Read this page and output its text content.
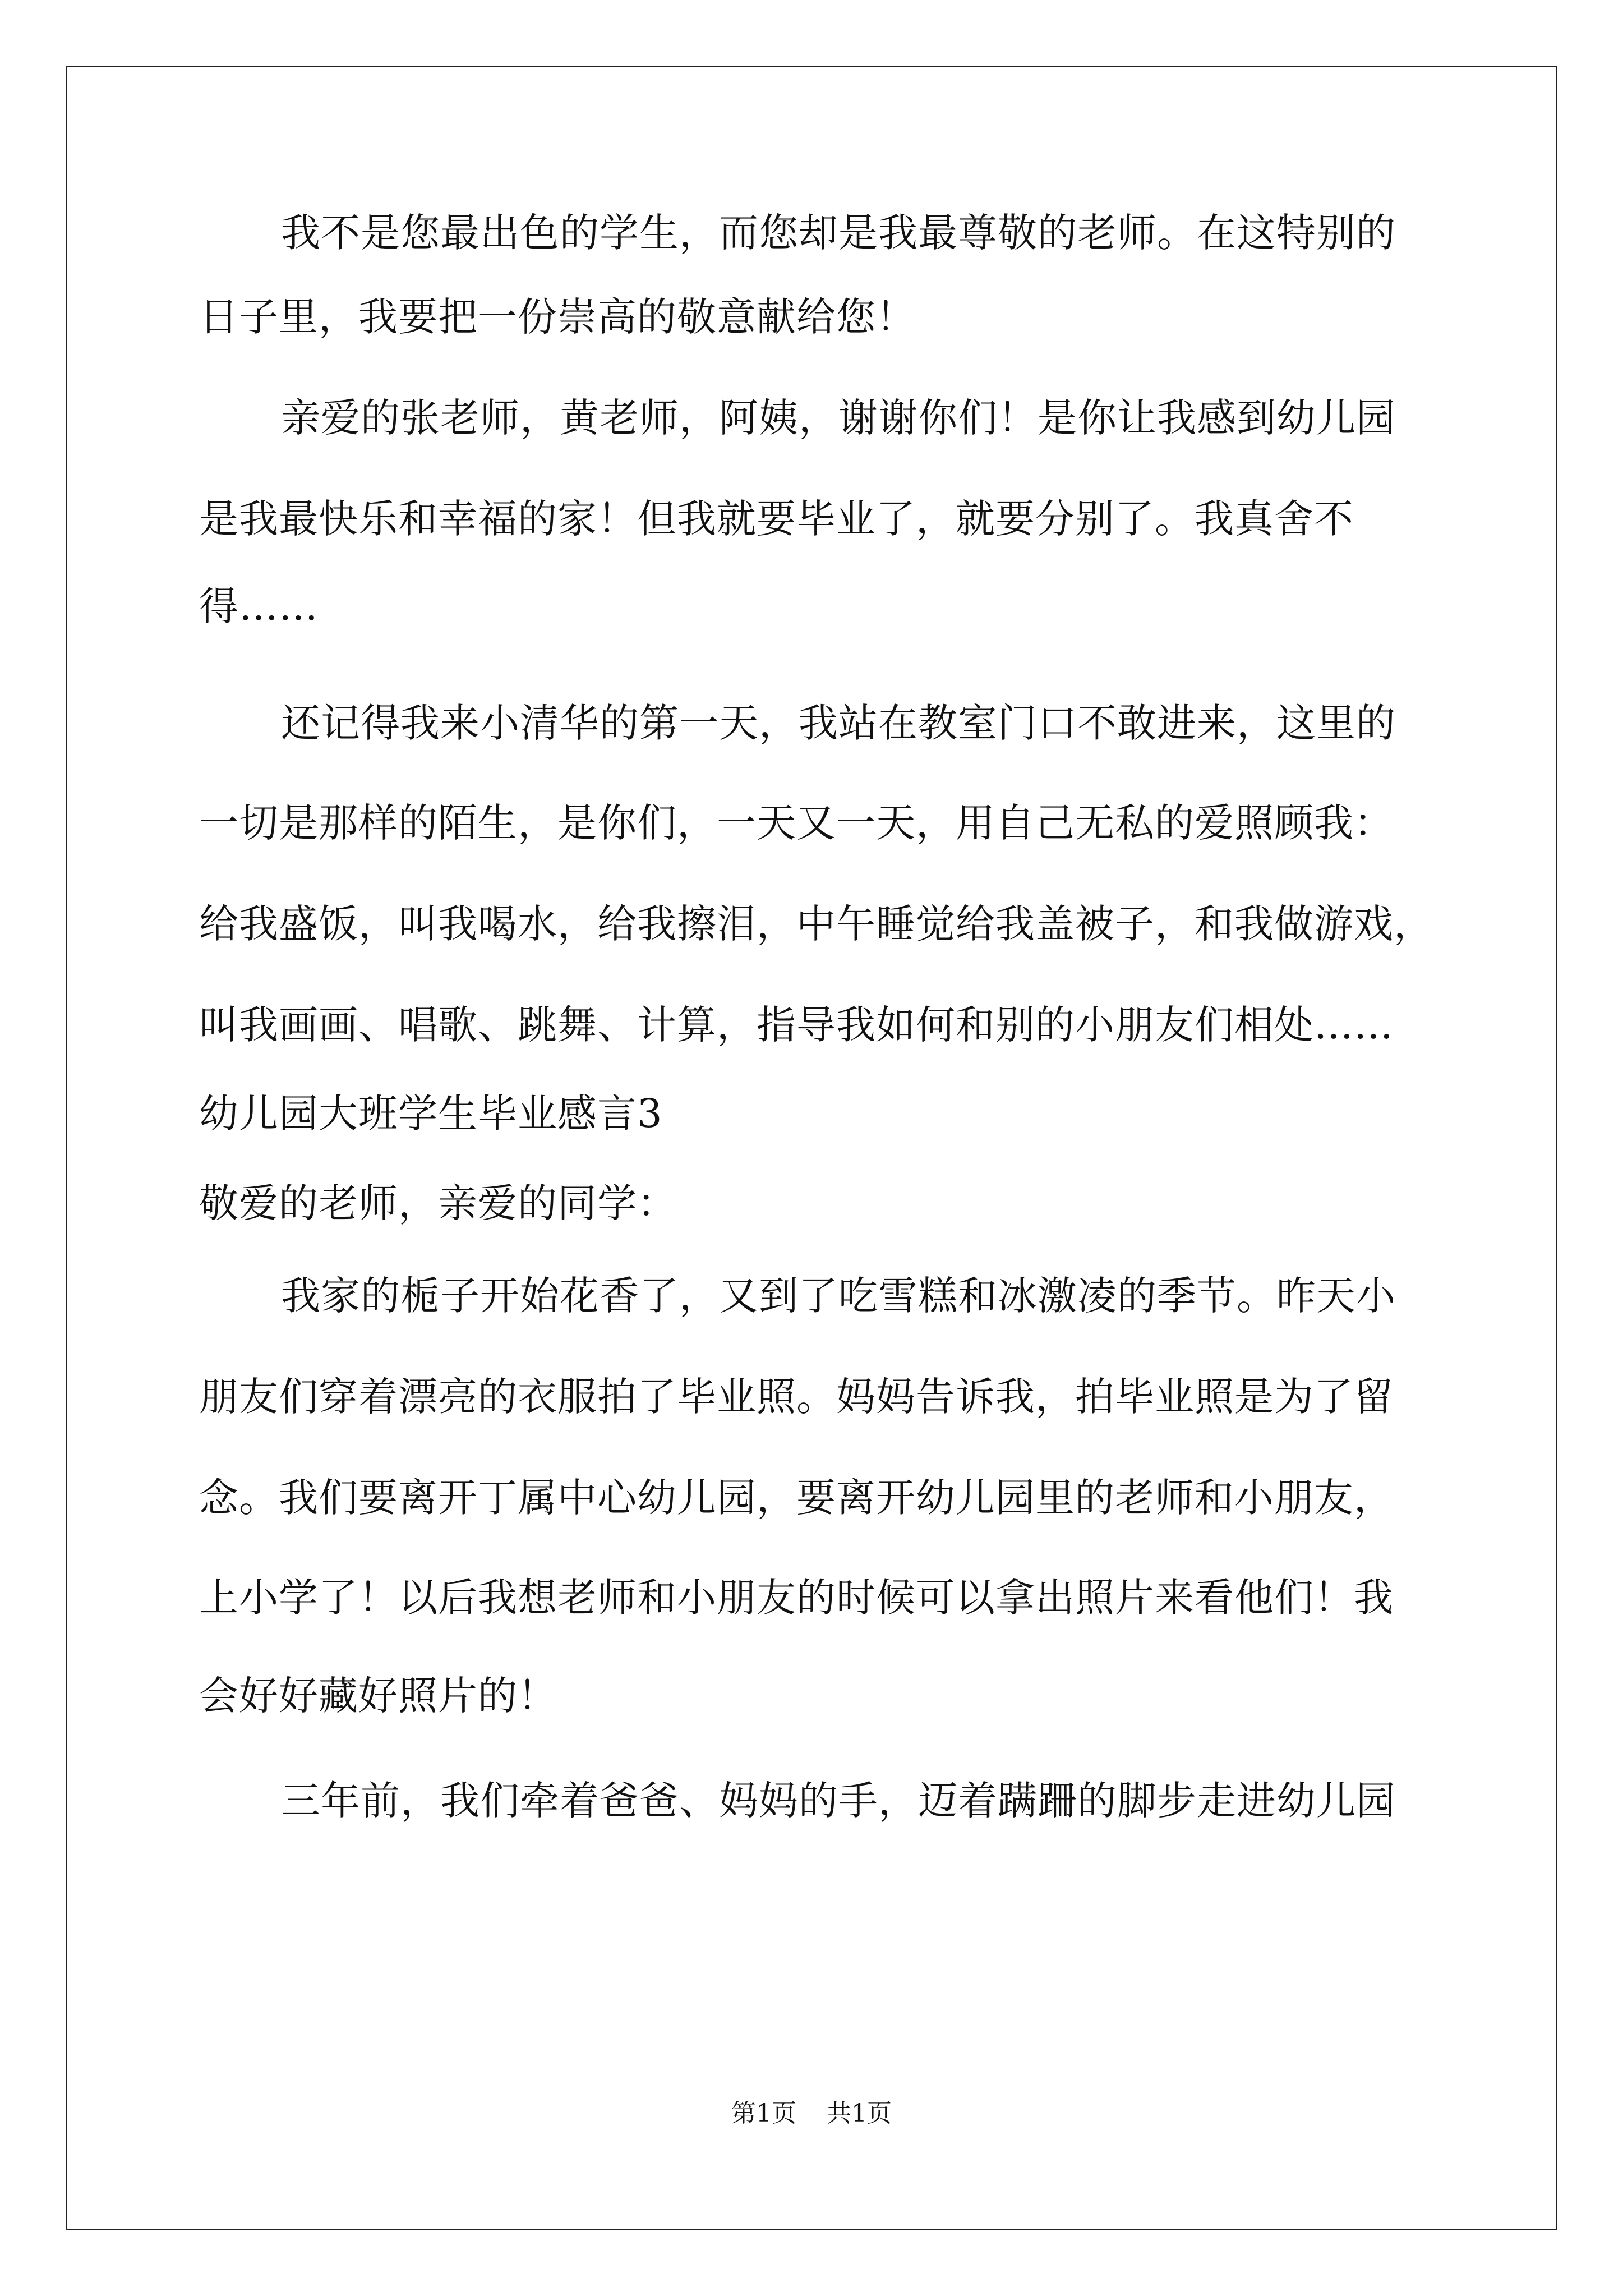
我不是您最出色的学生，而您却是我最尊敬的老师。在这特别的
日子里，我要把一份崇高的敬意献给您！
亲爱的张老师，黄老师，阿姨，谢谢你们！是你让我感到幼儿园
是我最快乐和幸福的家！但我就要毕业了，就要分别了。我真舍不
得……
还记得我来小清华的第一天，我站在教室门口不敢进来，这里的
一切是那样的陌生，是你们，一天又一天，用自己无私的爱照顾我：
给我盛饭，叫我喝水，给我擦泪，中午睡觉给我盖被子，和我做游戏，
叫我画画、唱歌、跳舞、计算，指导我如何和别的小朋友们相处……
幼儿园大班学生毕业感言3
敬爱的老师，亲爱的同学：
我家的栀子开始花香了，又到了吃雪糕和冰激凌的季节。昨天小
朋友们穿着漂亮的衣服拍了毕业照。妈妈告诉我，拍毕业照是为了留
念。我们要离开丁属中心幼儿园，要离开幼儿园里的老师和小朋友，
上小学了！以后我想老师和小朋友的时候可以拿出照片来看他们！我
会好好藏好照片的！
三年前，我们牵着爸爸、妈妈的手，迈着蹒跚的脚步走进幼儿园
第1页 共1页
